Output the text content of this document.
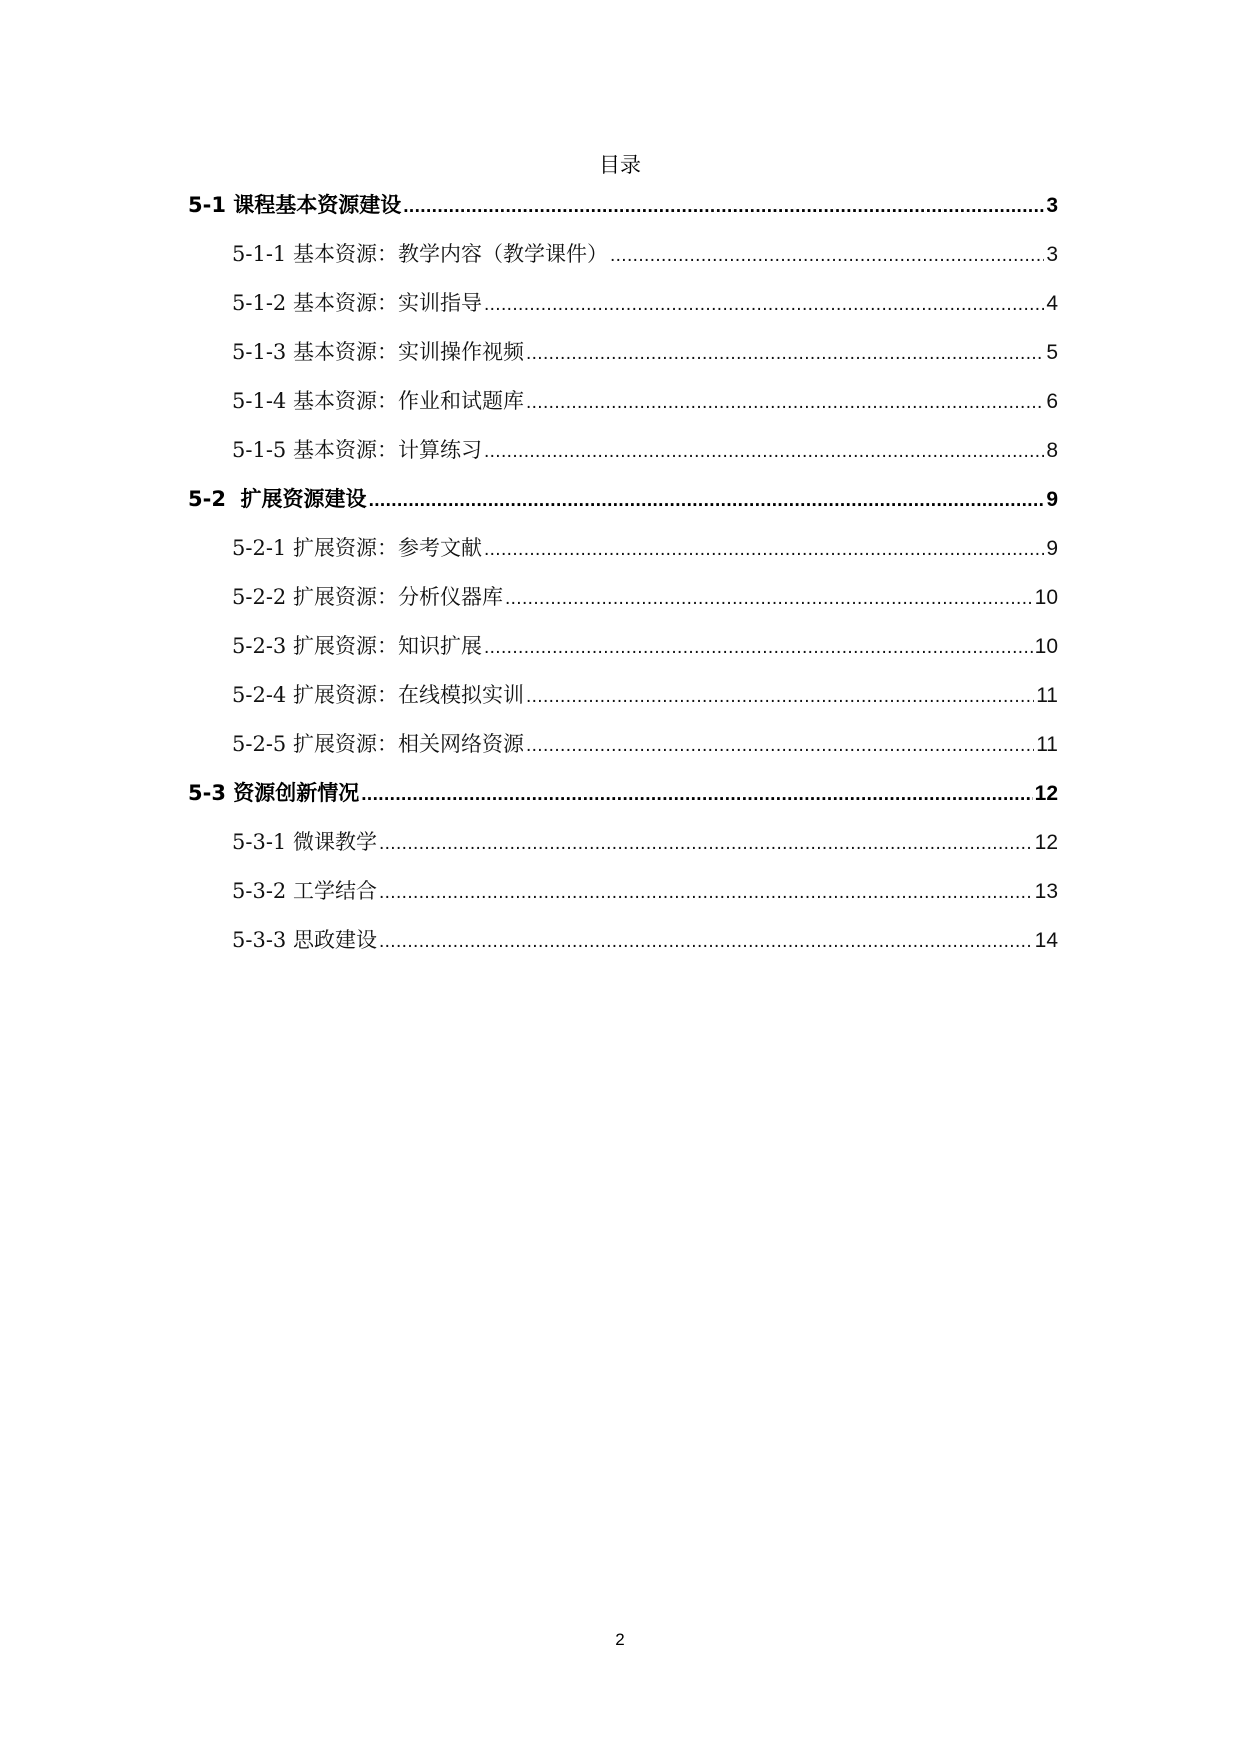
目录
5-1 课程基本资源建设 .....	3
5-1-1 基本资源：教学内容（教学课件） .....	3
5-1-2 基本资源：实训指导 .....	4
5-1-3 基本资源：实训操作视频 .....	5
5-1-4 基本资源：作业和试题库 .....	6
5-1-5 基本资源：计算练习 .....	8
5-2  扩展资源建设 .....	9
5-2-1 扩展资源：参考文献 .....	9
5-2-2 扩展资源：分析仪器库 .....	10
5-2-3 扩展资源：知识扩展 .....	10
5-2-4 扩展资源：在线模拟实训 .....	11
5-2-5 扩展资源：相关网络资源 .....	11
5-3 资源创新情况 .....	12
5-3-1 微课教学 .....	12
5-3-2 工学结合 .....	13
5-3-3 思政建设 .....	14
2
